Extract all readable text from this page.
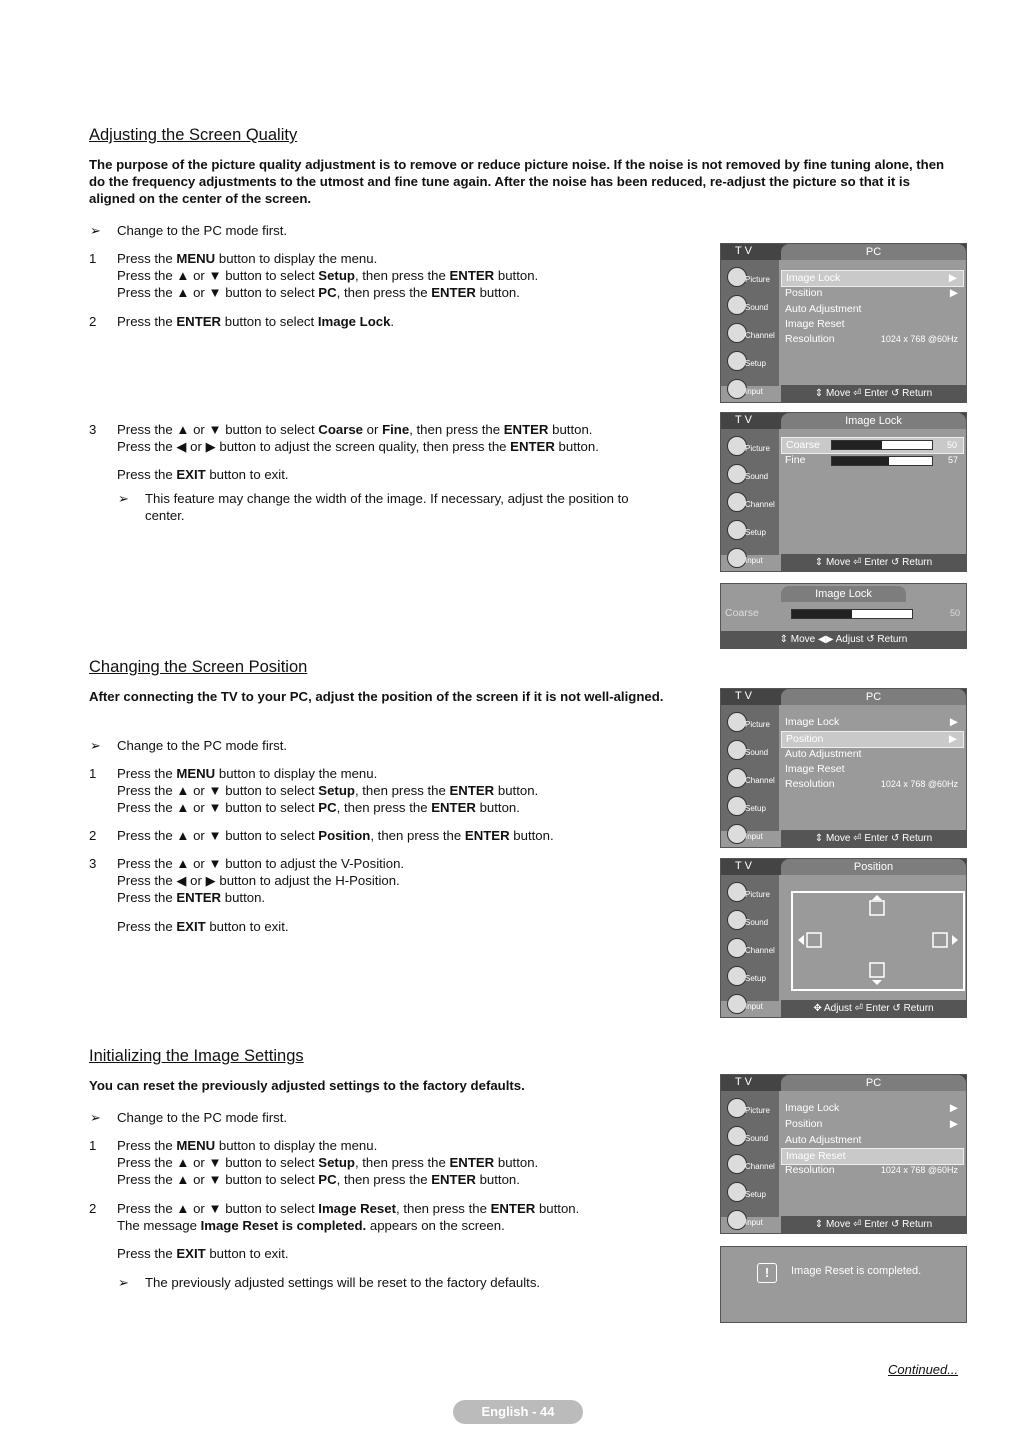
Adjusting the Screen Quality

The purpose of the picture quality adjustment is to remove or reduce picture noise. If the noise is not removed by fine tuning alone, then do the frequency adjustments to the utmost and fine tune again. After the noise has been reduced, re-adjust the picture so that it is aligned on the center of the screen.

➢ Change to the PC mode first.
1 Press the MENU button to display the menu.
Press the ▲ or ▼ button to select Setup, then press the ENTER button.
Press the ▲ or ▼ button to select PC, then press the ENTER button.
2 Press the ENTER button to select Image Lock.
3 Press the ▲ or ▼ button to select Coarse or Fine, then press the ENTER button.
Press the ◀ or ▶ button to adjust the screen quality, then press the ENTER button.
Press the EXIT button to exit.
➢ This feature may change the width of the image. If necessary, adjust the position to
center.
T V	PC
Picture
Sound
Channel
Setup
Input
Image Lock	▶
Position	▶
Auto Adjustment
Image Reset
Resolution	1024 x 768 @60Hz
⇕ Move ⏎ Enter ↺ Return
T V	Image Lock
Picture
Sound
Channel
Setup
Input
Coarse	50
Fine	57
⇕ Move ⏎ Enter ↺ Return
Image Lock
Coarse	50
⇕ Move ◀▶ Adjust ↺ Return
Changing the Screen Position

After connecting the TV to your PC, adjust the position of the screen if it is not well-aligned.

➢ Change to the PC mode first.
1 Press the MENU button to display the menu.
Press the ▲ or ▼ button to select Setup, then press the ENTER button.
Press the ▲ or ▼ button to select PC, then press the ENTER button.
2 Press the ▲ or ▼ button to select Position, then press the ENTER button.
3 Press the ▲ or ▼ button to adjust the V-Position.
Press the ◀ or ▶ button to adjust the H-Position.
Press the ENTER button.
Press the EXIT button to exit.
T V	PC
Picture
Sound
Channel
Setup
Input
Image Lock	▶
Position	▶
Auto Adjustment
Image Reset
Resolution	1024 x 768 @60Hz
⇕ Move ⏎ Enter ↺ Return
T V	Position
Picture
Sound
Channel
Setup
Input	✥ Adjust ⏎ Enter ↺ Return
Initializing the Image Settings

You can reset the previously adjusted settings to the factory defaults.

➢ Change to the PC mode first.
1 Press the MENU button to display the menu.
Press the ▲ or ▼ button to select Setup, then press the ENTER button.
Press the ▲ or ▼ button to select PC, then press the ENTER button.
2 Press the ▲ or ▼ button to select Image Reset, then press the ENTER button.
The message Image Reset is completed. appears on the screen.
Press the EXIT button to exit.
➢ The previously adjusted settings will be reset to the factory defaults.
T V	PC
Picture
Sound
Channel
Setup
Input
Image Lock	▶
Position	▶
Auto Adjustment
Image Reset
Resolution	1024 x 768 @60Hz
⇕ Move ⏎ Enter ↺ Return
!	Image Reset is completed.
Continued...
English - 44
